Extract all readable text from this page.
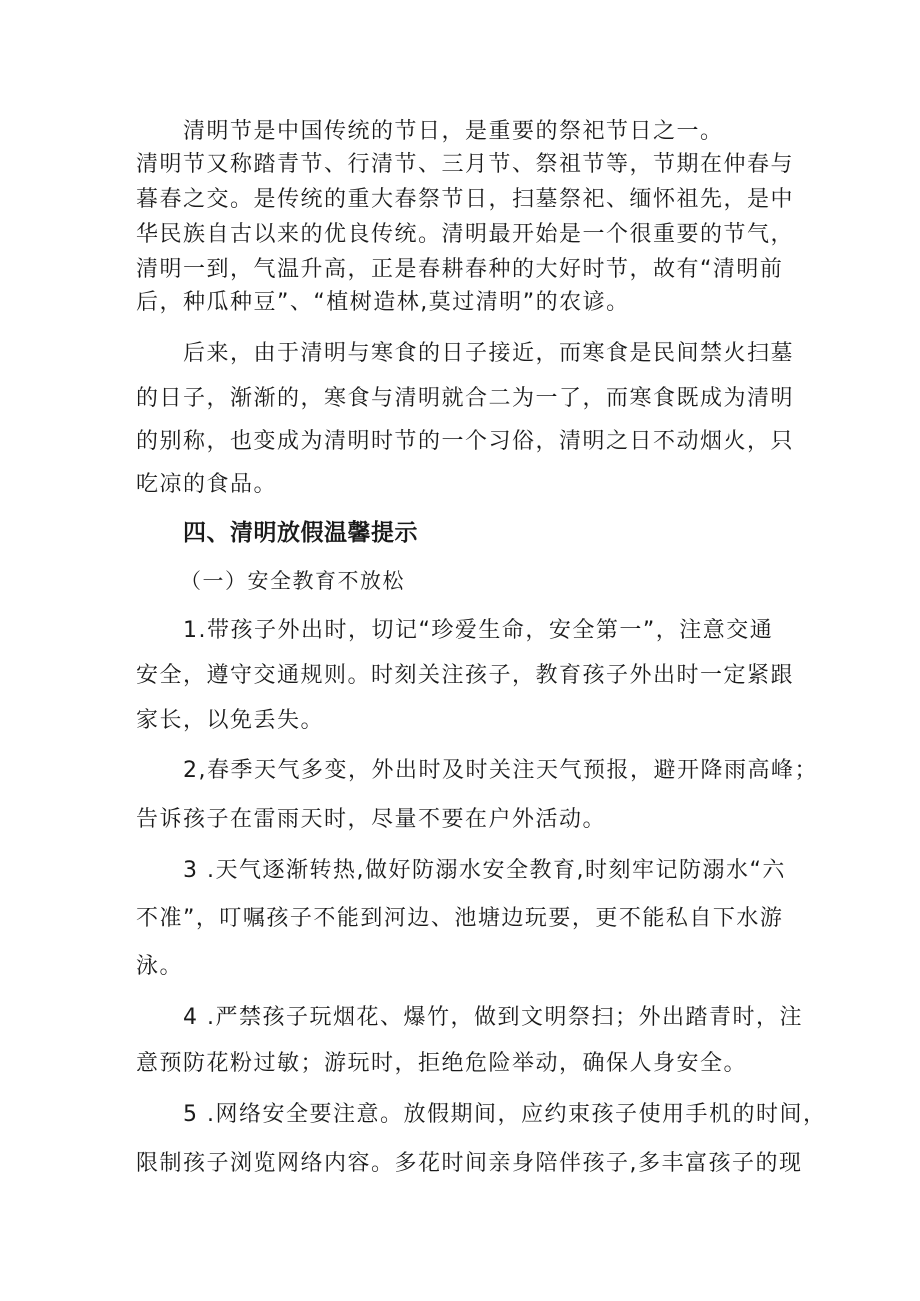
清明节是中国传统的节日，是重要的祭祀节日之一。

清明节又称踏青节、行清节、三月节、祭祖节等，节期在仲春与

暮春之交。是传统的重大春祭节日，扫墓祭祀、缅怀祖先，是中

华民族自古以来的优良传统。清明最开始是一个很重要的节气，

清明一到，气温升高，正是春耕春种的大好时节，故有“清明前

后，种瓜种豆”、“植树造林,莫过清明”的农谚。

后来，由于清明与寒食的日子接近，而寒食是民间禁火扫墓

的日子，渐渐的，寒食与清明就合二为一了，而寒食既成为清明

的别称，也变成为清明时节的一个习俗，清明之日不动烟火，只

吃凉的食品。

四、清明放假温馨提示

（一）安全教育不放松

1.带孩子外出时，切记“珍爱生命，安全第一”，注意交通

安全，遵守交通规则。时刻关注孩子，教育孩子外出时一定紧跟

家长，以免丢失。

2,春季天气多变，外出时及时关注天气预报，避开降雨高峰；

告诉孩子在雷雨天时，尽量不要在户外活动。

3 .天气逐渐转热,做好防溺水安全教育,时刻牢记防溺水“六

不准”，叮嘱孩子不能到河边、池塘边玩要，更不能私自下水游

泳。

4 .严禁孩子玩烟花、爆竹，做到文明祭扫；外出踏青时，注

意预防花粉过敏；游玩时，拒绝危险举动，确保人身安全。

5 .网络安全要注意。放假期间，应约束孩子使用手机的时间，

限制孩子浏览网络内容。多花时间亲身陪伴孩子,多丰富孩子的现
